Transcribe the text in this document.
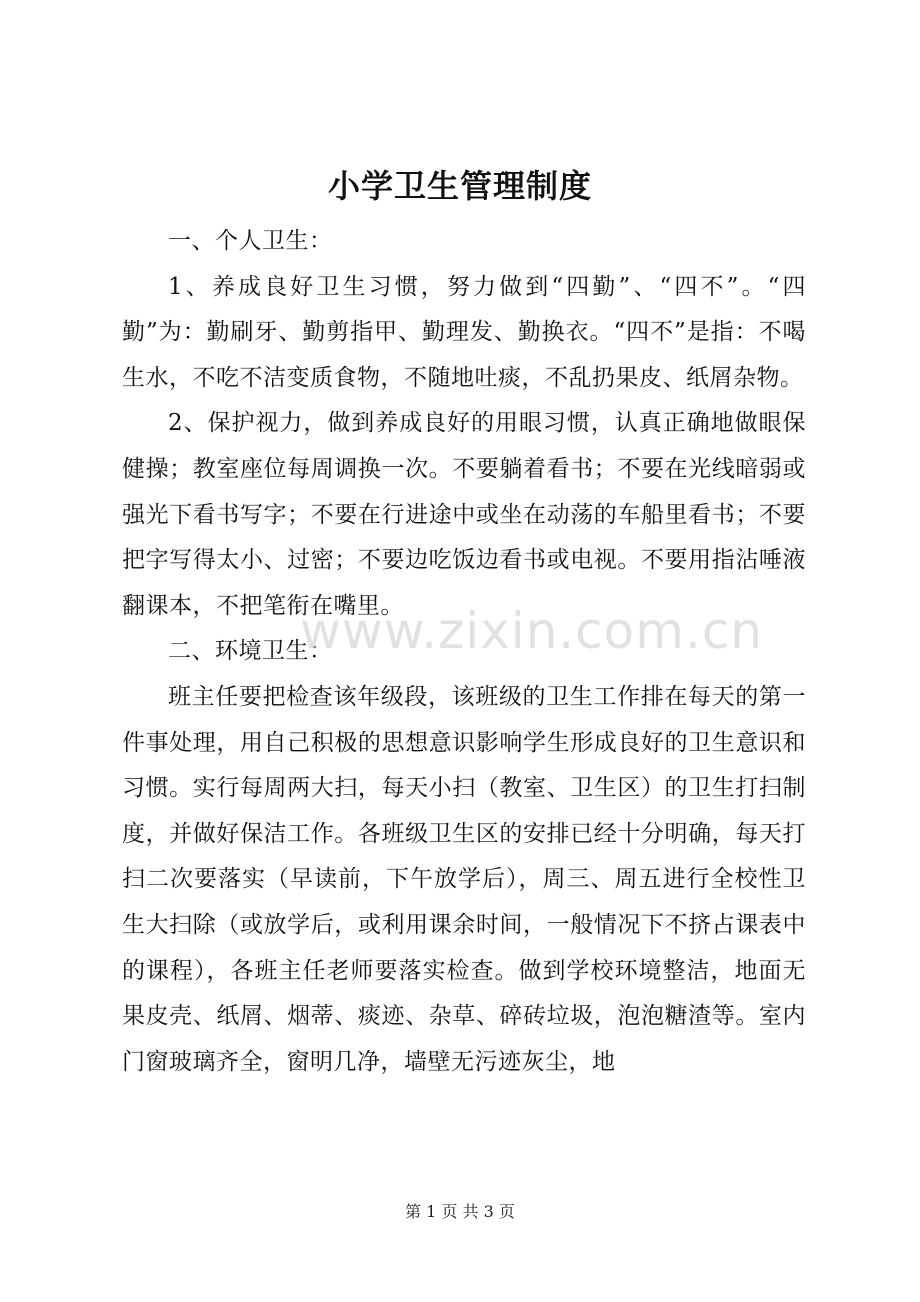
小学卫生管理制度

一、个人卫生：

1、养成良好卫生习惯，努力做到“四勤”、“四不”。“四勤”为：勤刷牙、勤剪指甲、勤理发、勤换衣。“四不”是指：不喝生水，不吃不洁变质食物，不随地吐痰，不乱扔果皮、纸屑杂物。

2、保护视力，做到养成良好的用眼习惯，认真正确地做眼保健操；教室座位每周调换一次。不要躺着看书；不要在光线暗弱或强光下看书写字；不要在行进途中或坐在动荡的车船里看书；不要把字写得太小、过密；不要边吃饭边看书或电视。不要用指沾唾液翻课本，不把笔衔在嘴里。

二、环境卫生：

班主任要把检查该年级段，该班级的卫生工作排在每天的第一件事处理，用自己积极的思想意识影响学生形成良好的卫生意识和习惯。实行每周两大扫，每天小扫（教室、卫生区）的卫生打扫制度，并做好保洁工作。各班级卫生区的安排已经十分明确，每天打扫二次要落实（早读前，下午放学后），周三、周五进行全校性卫生大扫除（或放学后，或利用课余时间，一般情况下不挤占课表中的课程），各班主任老师要落实检查。做到学校环境整洁，地面无果皮壳、纸屑、烟蒂、痰迹、杂草、碎砖垃圾，泡泡糖渣等。室内门窗玻璃齐全，窗明几净，墙壁无污迹灰尘，地

www.zixin.com.cn
第 1 页 共 3 页
